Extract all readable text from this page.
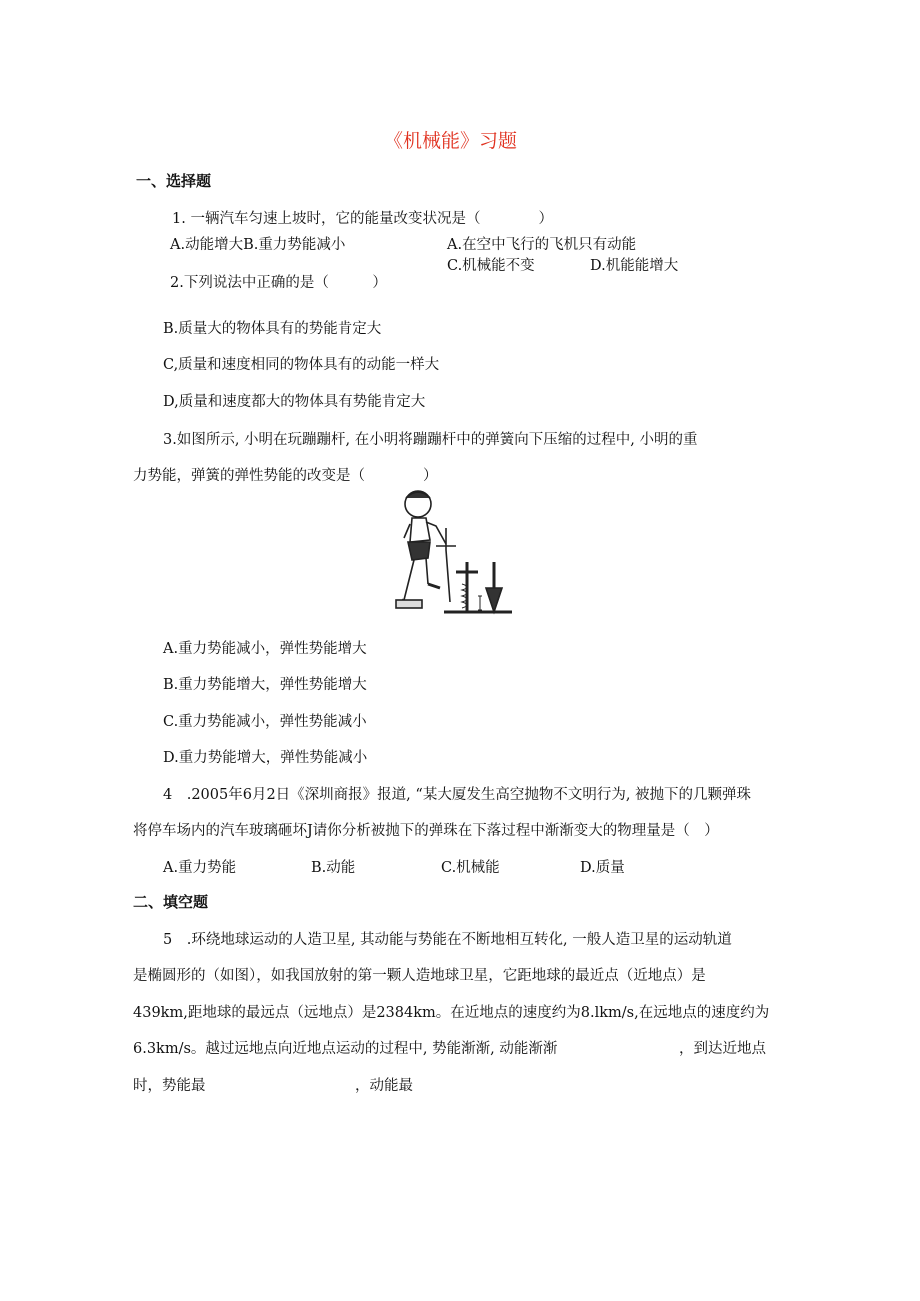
《机械能》习题
一、选择题
1. 一辆汽车匀速上坡时，它的能量改变状况是（　　　　）
A.动能增大B.重力势能减小	A.在空中飞行的飞机只有动能
C.机械能不变	D.机能能增大
2.下列说法中正确的是（　　　）
B.质量大的物体具有的势能肯定大
C,质量和速度相同的物体具有的动能一样大
D,质量和速度都大的物体具有势能肯定大
3.如图所示, 小明在玩蹦蹦杆, 在小明将蹦蹦杆中的弹簧向下压缩的过程中, 小明的重
力势能，弹簧的弹性势能的改变是（　　　　）
A.重力势能减小，弹性势能增大
B.重力势能增大，弹性势能增大
C.重力势能减小，弹性势能减小
D.重力势能增大，弹性势能减小
4　.2005年6月2日《深圳商报》报道, “某大厦发生高空抛物不文明行为, 被抛下的几颗弹珠
将停车场内的汽车玻璃砸坏J请你分析被抛下的弹珠在下落过程中渐渐变大的物理量是（　）
A.重力势能	B.动能	C.机械能	D.质量
二、填空题
5　.环绕地球运动的人造卫星, 其动能与势能在不断地相互转化, 一般人造卫星的运动轨道
是椭圆形的（如图），如我国放射的第一颗人造地球卫星，它距地球的最近点（近地点）是
439km,距地球的最远点（远地点）是2384km。在近地点的速度约为8.lkm/s,在远地点的速度约为
6.3km/s。越过远地点向近地点运动的过程中, 势能渐渐, 动能渐渐	，到达近地点
时，势能最	，动能最
